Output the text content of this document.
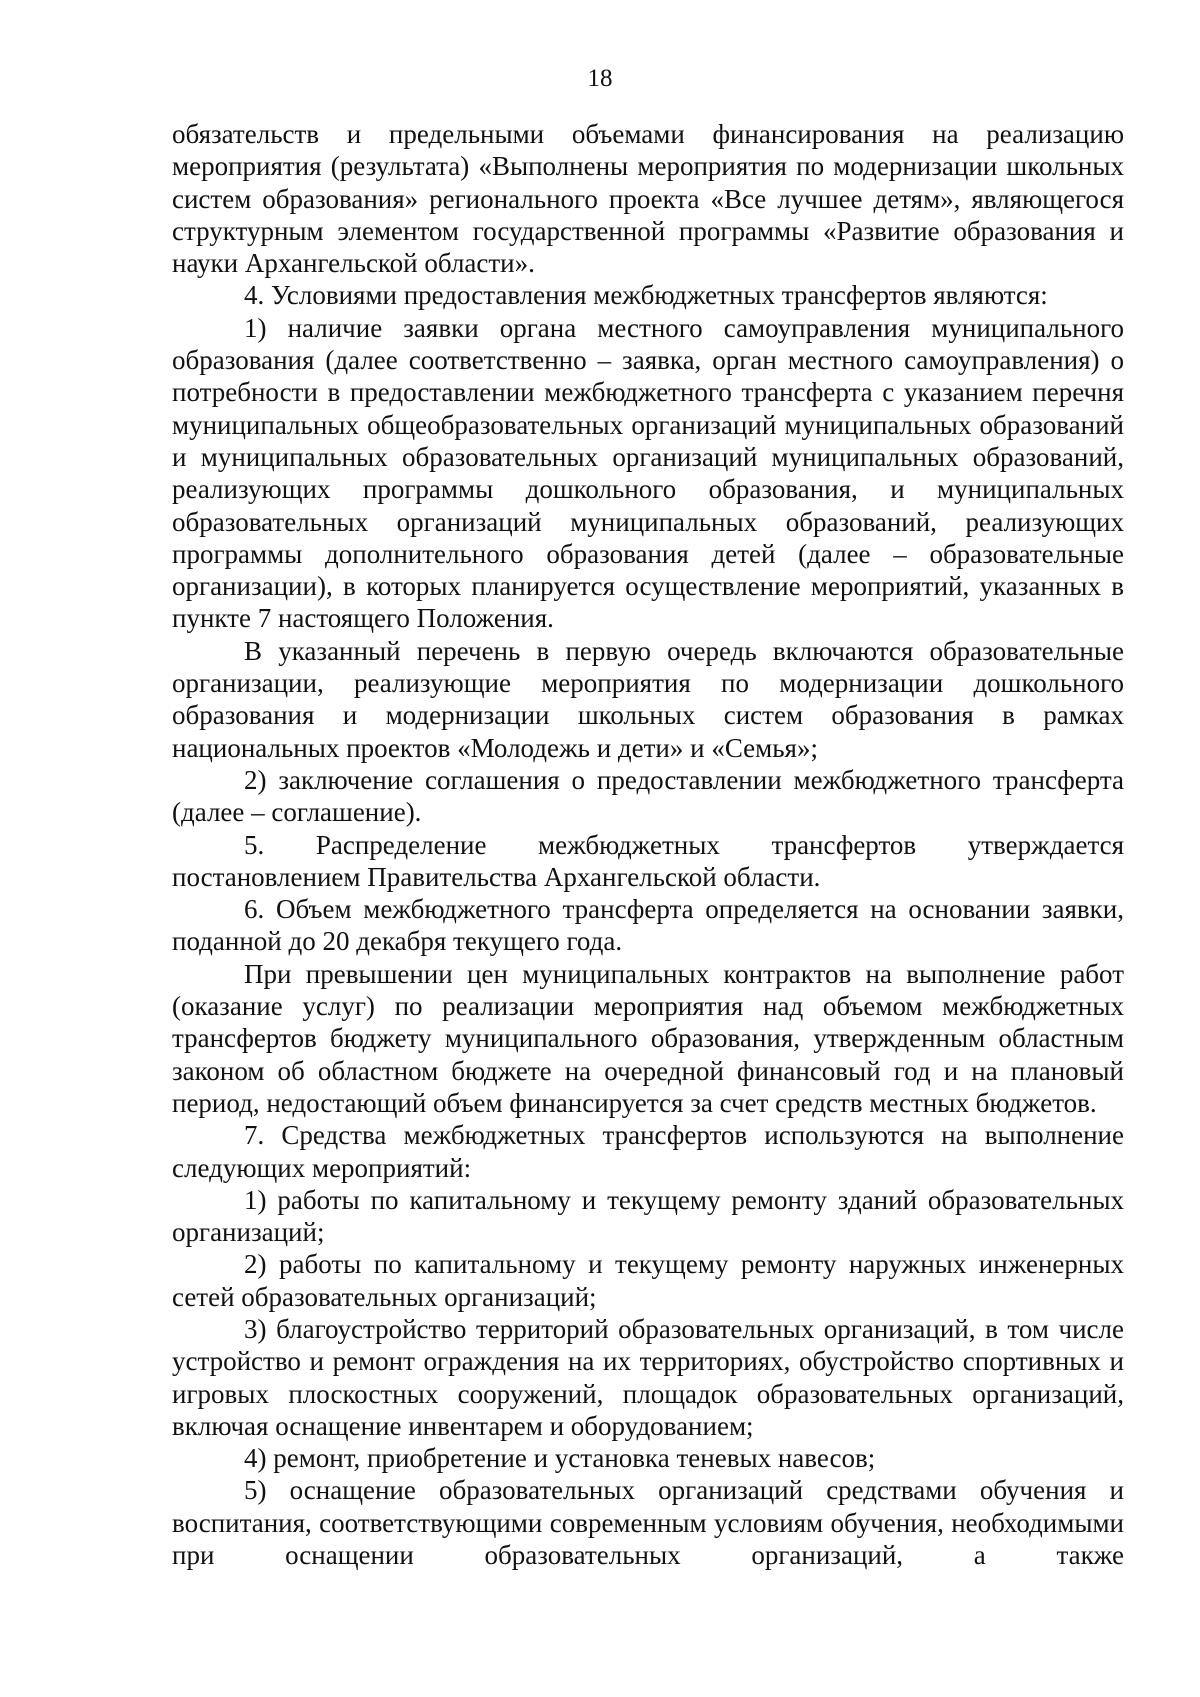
18

обязательств и предельными объемами финансирования на реализацию мероприятия (результата) «Выполнены мероприятия по модернизации школьных систем образования» регионального проекта «Все лучшее детям», являющегося структурным элементом государственной программы «Развитие образования и науки Архангельской области».

4. Условиями предоставления межбюджетных трансфертов являются:

1) наличие заявки органа местного самоуправления муниципального образования (далее соответственно – заявка, орган местного самоуправления) о потребности в предоставлении межбюджетного трансферта с указанием перечня муниципальных общеобразовательных организаций муниципальных образований и муниципальных образовательных организаций муниципальных образований, реализующих программы дошкольного образования, и муниципальных образовательных организаций муниципальных образований, реализующих программы дополнительного образования детей (далее – образовательные организации), в которых планируется осуществление мероприятий, указанных в пункте 7 настоящего Положения.

В указанный перечень в первую очередь включаются образовательные организации, реализующие мероприятия по модернизации дошкольного образования и модернизации школьных систем образования в рамках национальных проектов «Молодежь и дети» и «Семья»;

2) заключение соглашения о предоставлении межбюджетного трансферта (далее – соглашение).

5. Распределение межбюджетных трансфертов утверждается постановлением Правительства Архангельской области.

6. Объем межбюджетного трансферта определяется на основании заявки, поданной до 20 декабря текущего года.

При превышении цен муниципальных контрактов на выполнение работ (оказание услуг) по реализации мероприятия над объемом межбюджетных трансфертов бюджету муниципального образования, утвержденным областным законом об областном бюджете на очередной финансовый год и на плановый период, недостающий объем финансируется за счет средств местных бюджетов.

7. Средства межбюджетных трансфертов используются на выполнение следующих мероприятий:

1) работы по капитальному и текущему ремонту зданий образовательных организаций;

2) работы по капитальному и текущему ремонту наружных инженерных сетей образовательных организаций;

3) благоустройство территорий образовательных организаций, в том числе устройство и ремонт ограждения на их территориях, обустройство спортивных и игровых плоскостных сооружений, площадок образовательных организаций, включая оснащение инвентарем и оборудованием;

4) ремонт, приобретение и установка теневых навесов;

5) оснащение образовательных организаций средствами обучения и воспитания, соответствующими современным условиям обучения, необходимыми при оснащении образовательных организаций, а также
